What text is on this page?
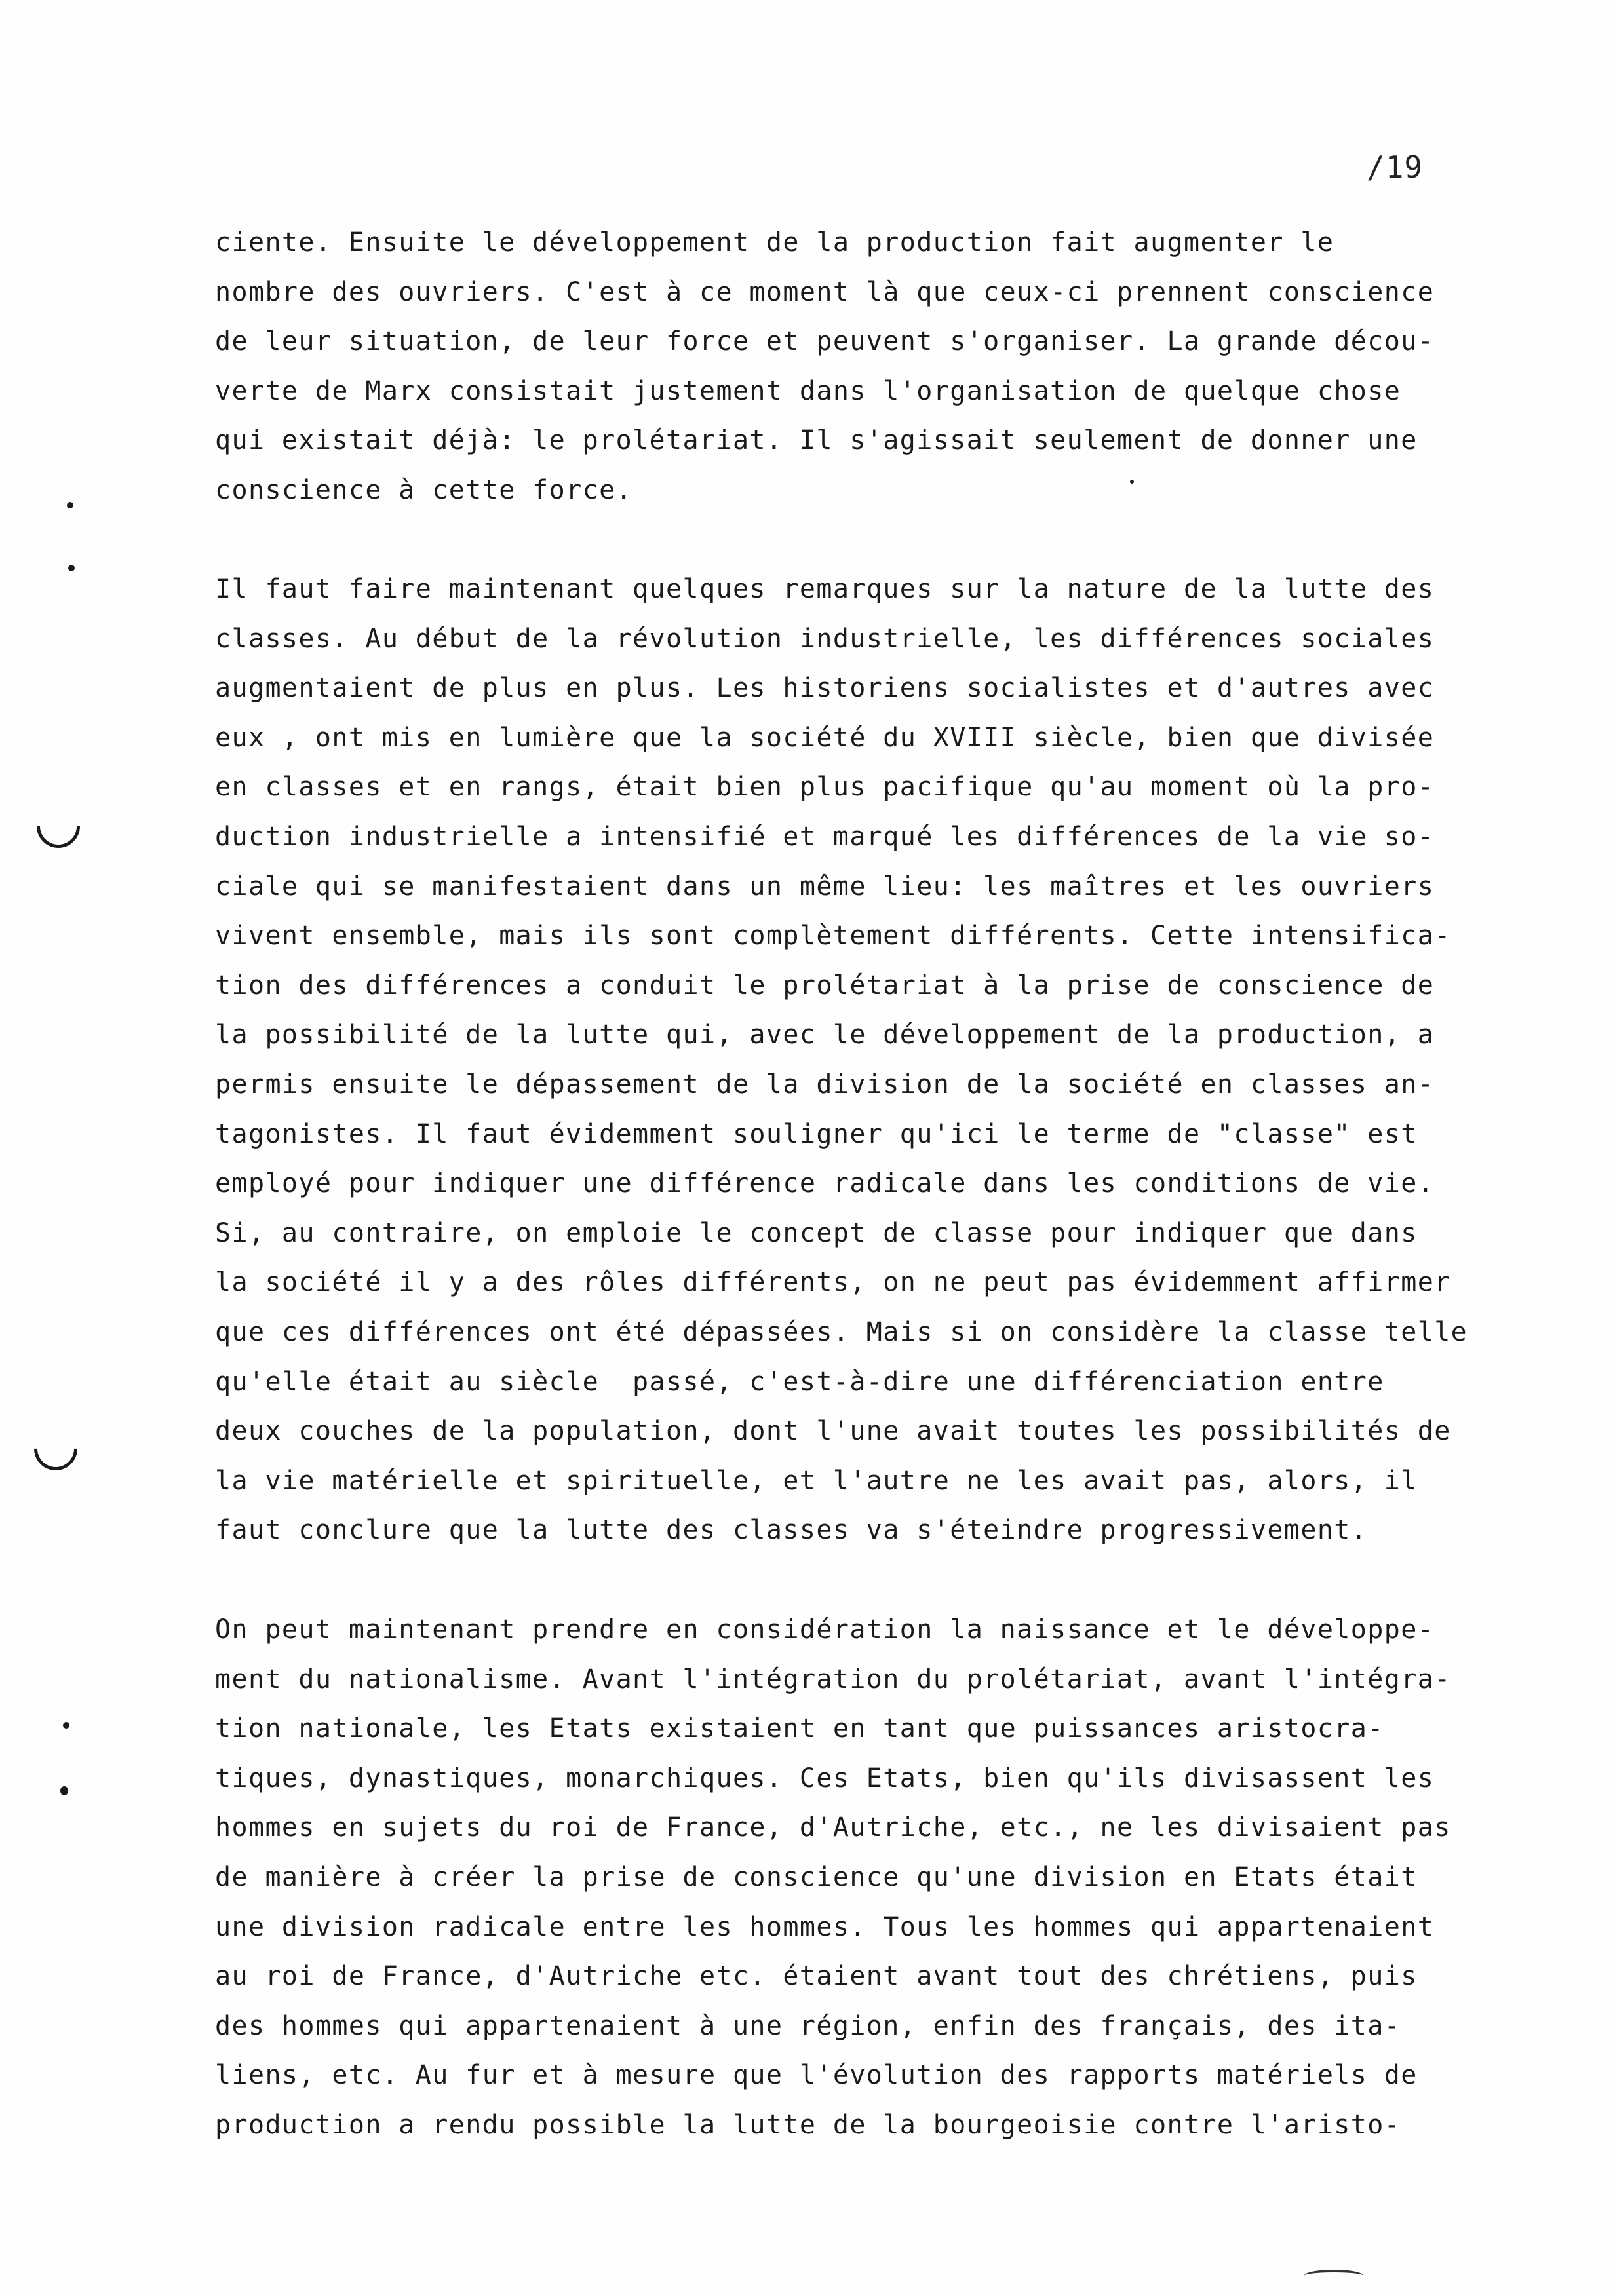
/19
ciente. Ensuite le développement de la production fait augmenter le
nombre des ouvriers. C'est à ce moment là que ceux-ci prennent conscience
de leur situation, de leur force et peuvent s'organiser. La grande décou-
verte de Marx consistait justement dans l'organisation de quelque chose
qui existait déjà: le prolétariat. Il s'agissait seulement de donner une
conscience à cette force.
Il faut faire maintenant quelques remarques sur la nature de la lutte des
classes. Au début de la révolution industrielle, les différences sociales
augmentaient de plus en plus. Les historiens socialistes et d'autres avec
eux , ont mis en lumière que la société du XVIII siècle, bien que divisée
en classes et en rangs, était bien plus pacifique qu'au moment où la pro-
duction industrielle a intensifié et marqué les différences de la vie so-
ciale qui se manifestaient dans un même lieu: les maîtres et les ouvriers
vivent ensemble, mais ils sont complètement différents. Cette intensifica-
tion des différences a conduit le prolétariat à la prise de conscience de
la possibilité de la lutte qui, avec le développement de la production, a
permis ensuite le dépassement de la division de la société en classes an-
tagonistes. Il faut évidemment souligner qu'ici le terme de "classe" est
employé pour indiquer une différence radicale dans les conditions de vie.
Si, au contraire, on emploie le concept de classe pour indiquer que dans
la société il y a des rôles différents, on ne peut pas évidemment affirmer
que ces différences ont été dépassées. Mais si on considère la classe telle
qu'elle était au siècle  passé, c'est-à-dire une différenciation entre
deux couches de la population, dont l'une avait toutes les possibilités de
la vie matérielle et spirituelle, et l'autre ne les avait pas, alors, il
faut conclure que la lutte des classes va s'éteindre progressivement.
On peut maintenant prendre en considération la naissance et le développe-
ment du nationalisme. Avant l'intégration du prolétariat, avant l'intégra-
tion nationale, les Etats existaient en tant que puissances aristocra-
tiques, dynastiques, monarchiques. Ces Etats, bien qu'ils divisassent les
hommes en sujets du roi de France, d'Autriche, etc., ne les divisaient pas
de manière à créer la prise de conscience qu'une division en Etats était
une division radicale entre les hommes. Tous les hommes qui appartenaient
au roi de France, d'Autriche etc. étaient avant tout des chrétiens, puis
des hommes qui appartenaient à une région, enfin des français, des ita-
liens, etc. Au fur et à mesure que l'évolution des rapports matériels de
production a rendu possible la lutte de la bourgeoisie contre l'aristo-
